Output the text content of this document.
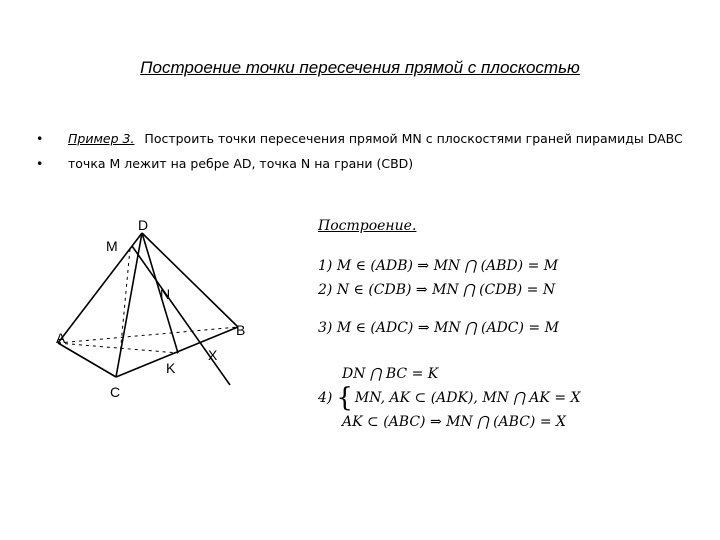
Построение точки пересечения прямой с плоскостью
•	Пример 3. Построить точки пересечения прямой MN с плоскостями граней пирамиды DABC
•	точка М лежит на ребре AD, точка N на грани (CBD)
D
M
N
A	B
C
K
X
Построение.
1) M ∈ (ADB) ⇒ MN ⋂ (ABD) = M
2) N ∈ (CDB) ⇒ MN ⋂ (CDB) = N
3) M ∈ (ADC) ⇒ MN ⋂ (ADC) = M
DN ⋂ BC = K
4) { MN, AK ⊂ (ADK), MN ⋂ AK = X
AK ⊂ (ABC) ⇒ MN ⋂ (ABC) = X
